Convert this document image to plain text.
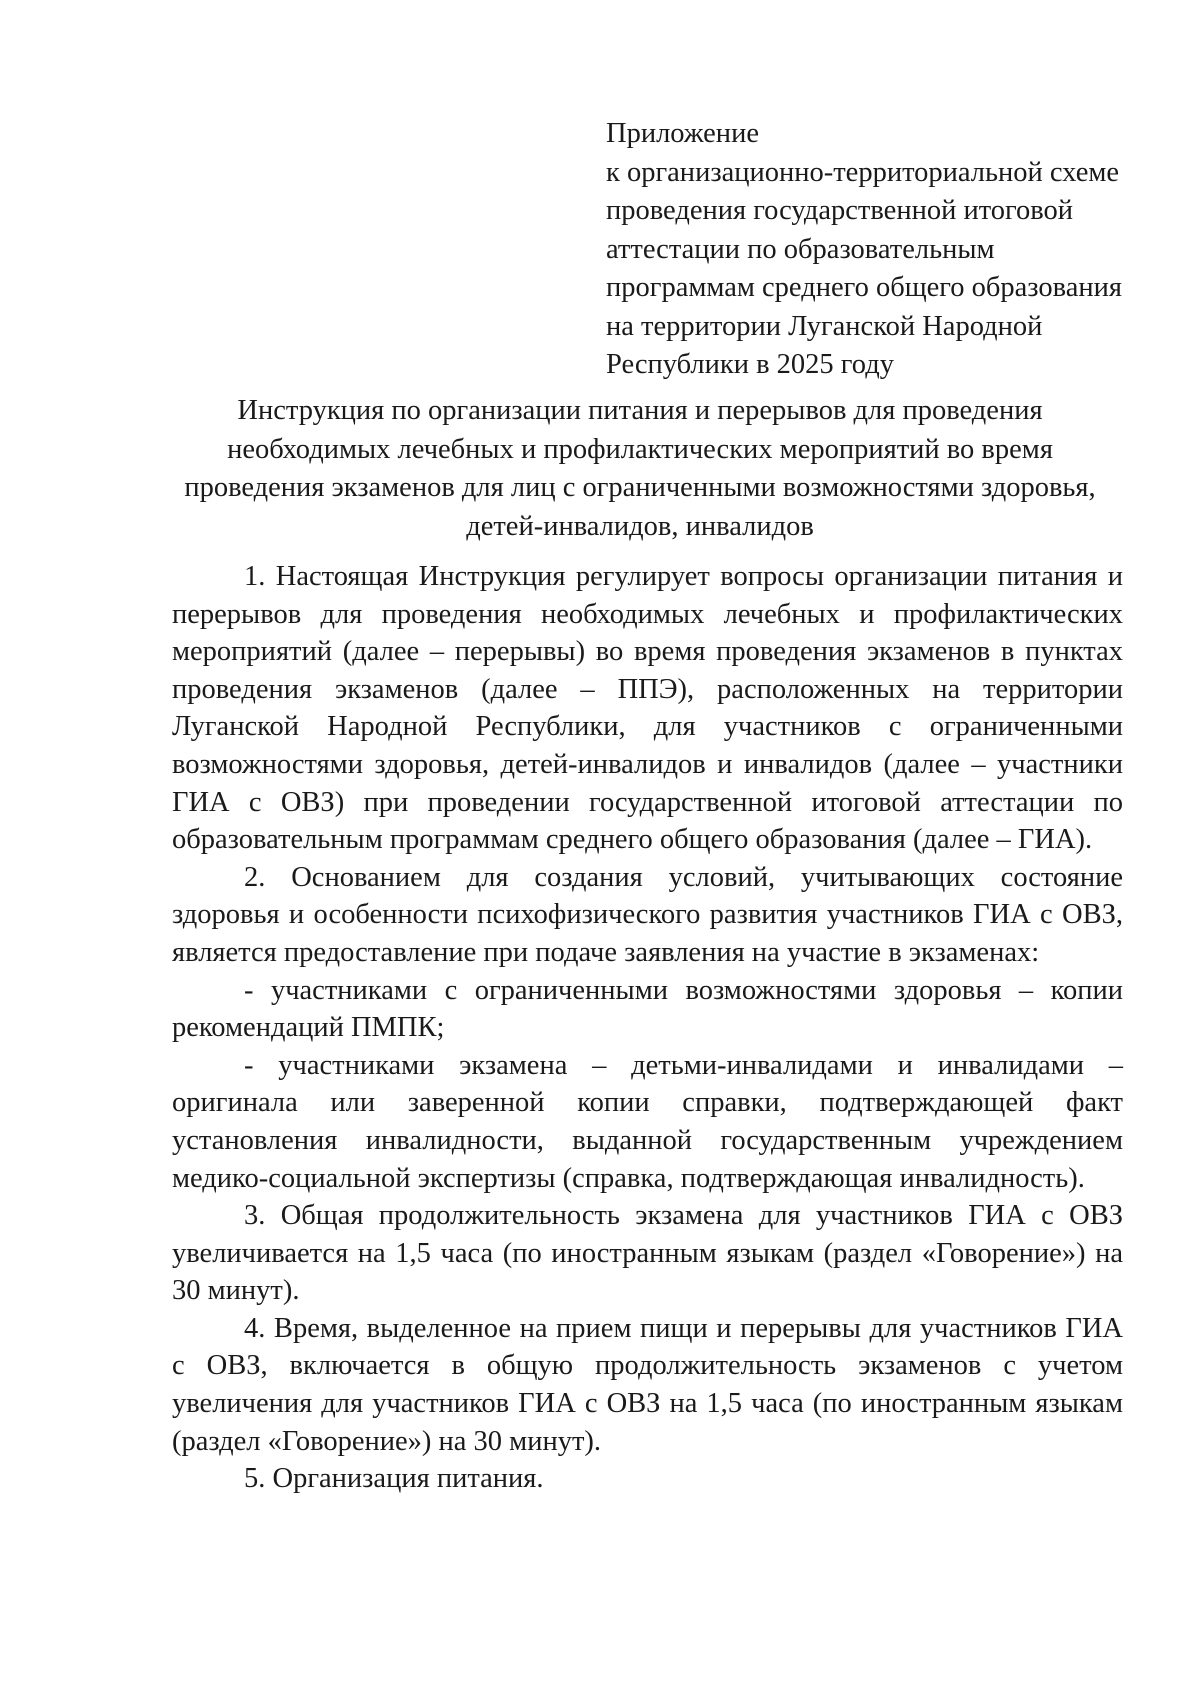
Приложение
к организационно-территориальной схеме
проведения государственной итоговой
аттестации по образовательным
программам среднего общего образования
на территории Луганской Народной
Республики в 2025 году
Инструкция по организации питания и перерывов для проведения
необходимых лечебных и профилактических мероприятий во время
проведения экзаменов для лиц с ограниченными возможностями здоровья,
детей-инвалидов, инвалидов

1. Настоящая Инструкция регулирует вопросы организации питания и перерывов для проведения необходимых лечебных и профилактических мероприятий (далее – перерывы) во время проведения экзаменов в пунктах проведения экзаменов (далее – ППЭ), расположенных на территории Луганской Народной Республики, для участников с ограниченными возможностями здоровья, детей-инвалидов и инвалидов (далее – участники ГИА с ОВЗ) при проведении государственной итоговой аттестации по образовательным программам среднего общего образования (далее – ГИА).

2. Основанием для создания условий, учитывающих состояние здоровья и особенности психофизического развития участников ГИА с ОВЗ, является предоставление при подаче заявления на участие в экзаменах:

- участниками с ограниченными возможностями здоровья – копии рекомендаций ПМПК;

- участниками экзамена – детьми-инвалидами и инвалидами – оригинала или заверенной копии справки, подтверждающей факт установления инвалидности, выданной государственным учреждением медико-социальной экспертизы (справка, подтверждающая инвалидность).

3. Общая продолжительность экзамена для участников ГИА с ОВЗ увеличивается на 1,5 часа (по иностранным языкам (раздел «Говорение») на 30 минут).

4. Время, выделенное на прием пищи и перерывы для участников ГИА с ОВЗ, включается в общую продолжительность экзаменов с учетом увеличения для участников ГИА с ОВЗ на 1,5 часа (по иностранным языкам (раздел «Говорение») на 30 минут).

5. Организация питания.
